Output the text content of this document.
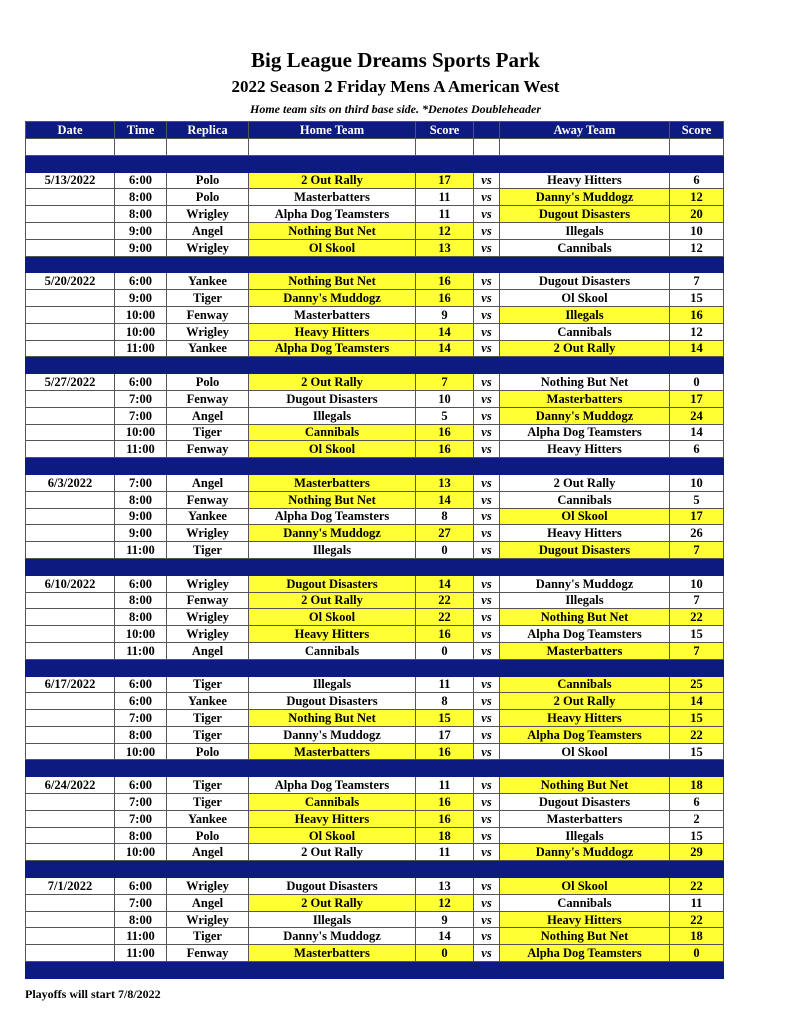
Big League Dreams Sports Park
2022 Season 2 Friday Mens A American West
Home team sits on third base side. *Denotes Doubleheader
Date	Time	Replica	Home Team	Score		Away Team	Score

5/13/2022	6:00	Polo	2 Out Rally	17	vs	Heavy Hitters	6
	8:00	Polo	Masterbatters	11	vs	Danny's Muddogz	12
	8:00	Wrigley	Alpha Dog Teamsters	11	vs	Dugout Disasters	20
	9:00	Angel	Nothing But Net	12	vs	Illegals	10
	9:00	Wrigley	Ol Skool	13	vs	Cannibals	12

5/20/2022	6:00	Yankee	Nothing But Net	16	vs	Dugout Disasters	7
	9:00	Tiger	Danny's Muddogz	16	vs	Ol Skool	15
	10:00	Fenway	Masterbatters	9	vs	Illegals	16
	10:00	Wrigley	Heavy Hitters	14	vs	Cannibals	12
	11:00	Yankee	Alpha Dog Teamsters	14	vs	2 Out Rally	14

5/27/2022	6:00	Polo	2 Out Rally	7	vs	Nothing But Net	0
	7:00	Fenway	Dugout Disasters	10	vs	Masterbatters	17
	7:00	Angel	Illegals	5	vs	Danny's Muddogz	24
	10:00	Tiger	Cannibals	16	vs	Alpha Dog Teamsters	14
	11:00	Fenway	Ol Skool	16	vs	Heavy Hitters	6

6/3/2022	7:00	Angel	Masterbatters	13	vs	2 Out Rally	10
	8:00	Fenway	Nothing But Net	14	vs	Cannibals	5
	9:00	Yankee	Alpha Dog Teamsters	8	vs	Ol Skool	17
	9:00	Wrigley	Danny's Muddogz	27	vs	Heavy Hitters	26
	11:00	Tiger	Illegals	0	vs	Dugout Disasters	7

6/10/2022	6:00	Wrigley	Dugout Disasters	14	vs	Danny's Muddogz	10
	8:00	Fenway	2 Out Rally	22	vs	Illegals	7
	8:00	Wrigley	Ol Skool	22	vs	Nothing But Net	22
	10:00	Wrigley	Heavy Hitters	16	vs	Alpha Dog Teamsters	15
	11:00	Angel	Cannibals	0	vs	Masterbatters	7

6/17/2022	6:00	Tiger	Illegals	11	vs	Cannibals	25
	6:00	Yankee	Dugout Disasters	8	vs	2 Out Rally	14
	7:00	Tiger	Nothing But Net	15	vs	Heavy Hitters	15
	8:00	Tiger	Danny's Muddogz	17	vs	Alpha Dog Teamsters	22
	10:00	Polo	Masterbatters	16	vs	Ol Skool	15

6/24/2022	6:00	Tiger	Alpha Dog Teamsters	11	vs	Nothing But Net	18
	7:00	Tiger	Cannibals	16	vs	Dugout Disasters	6
	7:00	Yankee	Heavy Hitters	16	vs	Masterbatters	2
	8:00	Polo	Ol Skool	18	vs	Illegals	15
	10:00	Angel	2 Out Rally	11	vs	Danny's Muddogz	29

7/1/2022	6:00	Wrigley	Dugout Disasters	13	vs	Ol Skool	22
	7:00	Angel	2 Out Rally	12	vs	Cannibals	11
	8:00	Wrigley	Illegals	9	vs	Heavy Hitters	22
	11:00	Tiger	Danny's Muddogz	14	vs	Nothing But Net	18
	11:00	Fenway	Masterbatters	0	vs	Alpha Dog Teamsters	0

Playoffs will start 7/8/2022
